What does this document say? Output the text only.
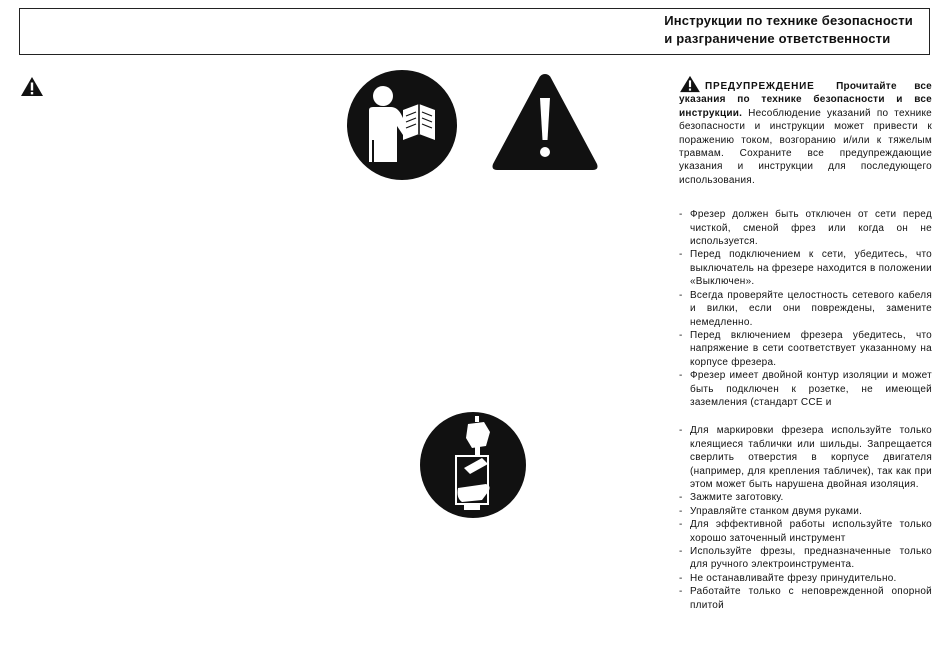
Инструкции по технике безопасности
и разграничение ответственности

ПРЕДУПРЕЖДЕНИЕ Прочитайте все указания по технике безопасности и все инструкции. Несоблюдение указаний по технике безопасности и инструкции может привести к поражению током, возгоранию и/или к тяжелым травмам. Сохраните все предупреждающие указания и инструкции для последующего использования.

- Фрезер должен быть отключен от сети перед чисткой, сменой фрез или когда он не используется.
- Перед подключением к сети, убедитесь, что выключатель на фрезере находится в положении «Выключен».
- Всегда проверяйте целостность сетевого кабеля и вилки, если они повреждены, замените немедленно.
- Перед включением фрезера убедитесь, что напряжение в сети соответствует указанному на корпусе фрезера.
- Фрезер имеет двойной контур изоляции и может быть подключен к розетке, не имеющей заземления (стандарт CCE и
- Для маркировки фрезера используйте только клеящиеся таблички или шильды. Запрещается сверлить отверстия в корпусе двигателя (например, для крепления табличек), так как при этом может быть нарушена двойная изоляция.
- Зажмите заготовку.
- Управляйте станком двумя руками.
- Для эффективной работы используйте только хорошо заточенный инструмент
- Используйте фрезы, предназначенные только для ручного электроинструмента.
- Не останавливайте фрезу принудительно.
- Работайте только с неповрежденной опорной плитой
